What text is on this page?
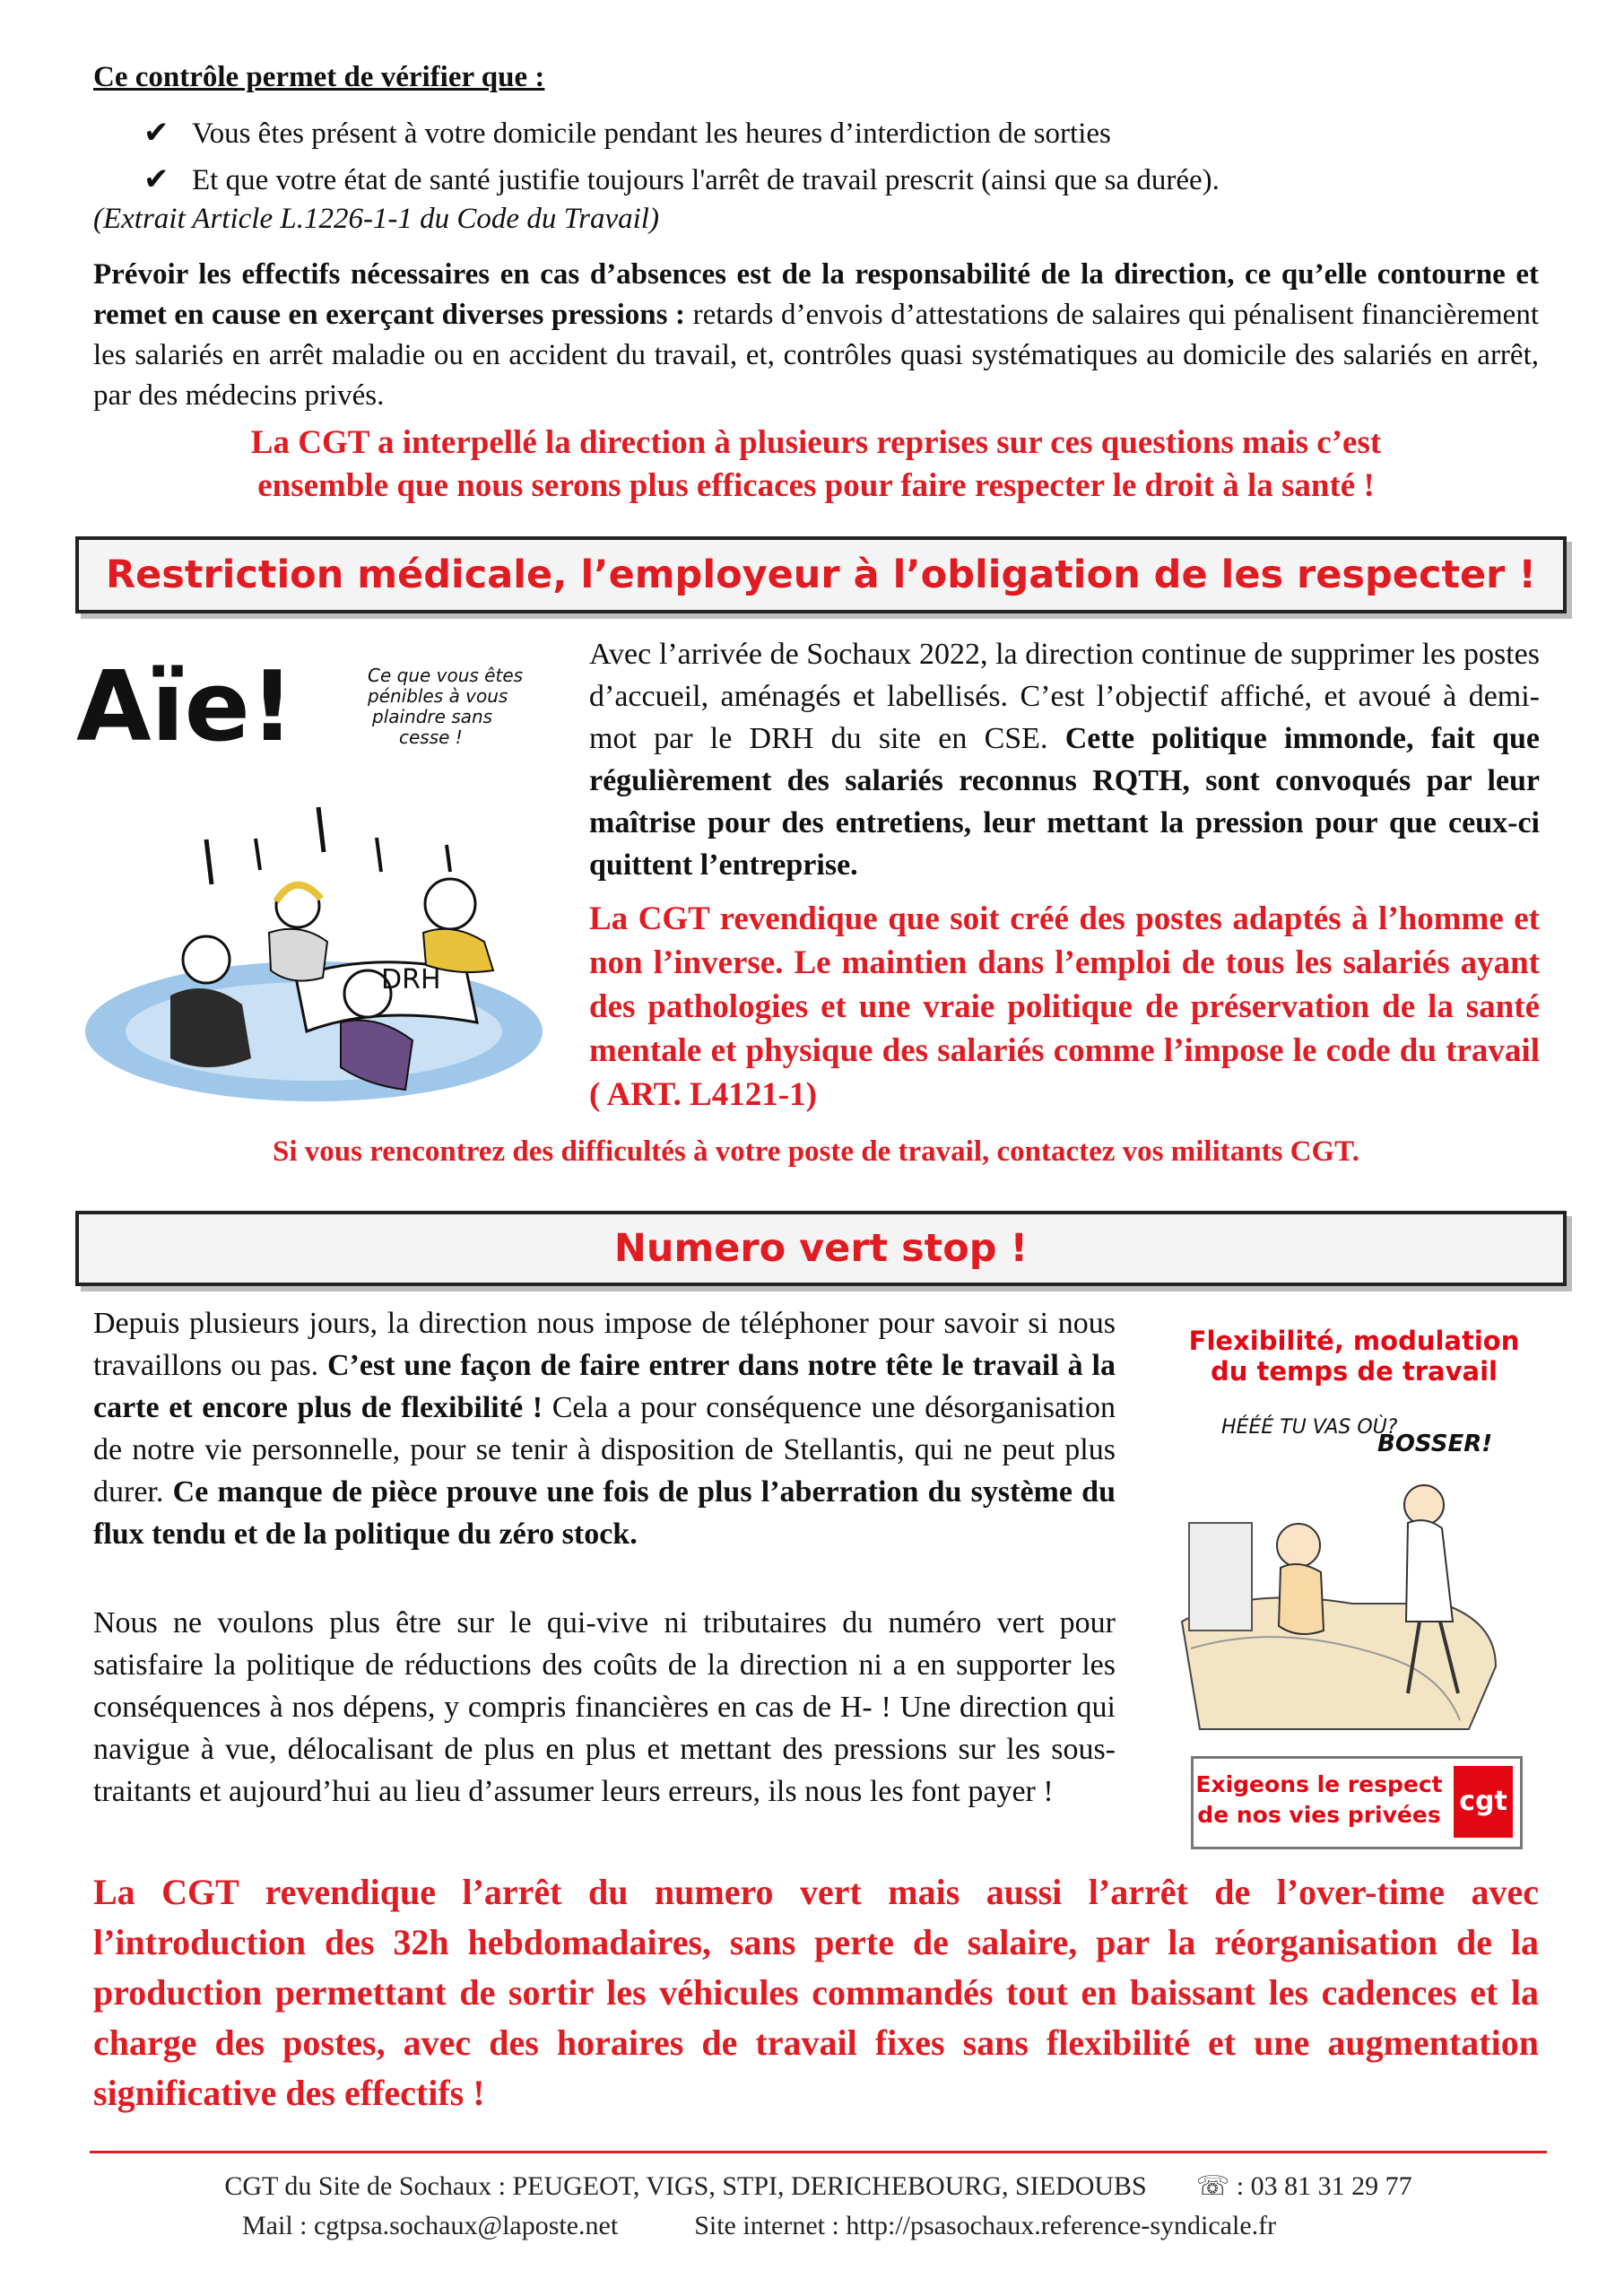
Ce contrôle permet de vérifier que :
✔ Vous êtes présent à votre domicile pendant les heures d’interdiction de sorties
✔ Et que votre état de santé justifie toujours l'arrêt de travail prescrit (ainsi que sa durée).
(Extrait Article L.1226-1-1 du Code du Travail)
Prévoir les effectifs nécessaires en cas d’absences est de la responsabilité de la direction, ce qu’elle contourne et remet en cause en exerçant diverses pressions : retards d’envois d’attestations de salaires qui pénalisent financièrement les salariés en arrêt maladie ou en accident du travail, et, contrôles quasi systématiques au domicile des salariés en arrêt, par des médecins privés.
La CGT a interpellé la direction à plusieurs reprises sur ces questions mais c’est
ensemble que nous serons plus efficaces pour faire respecter le droit à la santé !
Restriction médicale, l’employeur à l’obligation de les respecter !
Aïe!
DRH
Ce que vous êtes
pénibles à vous
plaindre sans
cesse !
Avec l’arrivée de Sochaux 2022, la direction continue de supprimer les postes d’accueil, aménagés et labellisés. C’est l’objectif affiché, et avoué à demi-mot par le DRH du site en CSE. Cette politique immonde, fait que régulièrement des salariés reconnus RQTH, sont convoqués par leur maîtrise pour des entretiens, leur mettant la pression pour que ceux-ci quittent l’entreprise.
La CGT revendique que soit créé des postes adaptés à l’homme et non l’inverse. Le maintien dans l’emploi de tous les salariés ayant des pathologies et une vraie politique de préservation de la santé mentale et physique des salariés comme l’impose le code du travail ( ART. L4121-1)
Si vous rencontrez des difficultés à votre poste de travail, contactez vos militants CGT.
Numero vert stop !
Depuis plusieurs jours, la direction nous impose de téléphoner pour savoir si nous travaillons ou pas. C’est une façon de faire entrer dans notre tête le travail à la carte et encore plus de flexibilité ! Cela a pour conséquence une désorganisation de notre vie personnelle, pour se tenir à disposition de Stellantis, qui ne peut plus durer. Ce manque de pièce prouve une fois de plus l’aberration du système du flux tendu et de la politique du zéro stock.
Nous ne voulons plus être sur le qui-vive ni tributaires du numéro vert pour satisfaire la politique de réductions des coûts de la direction ni a en supporter les conséquences à nos dépens, y compris financières en cas de H- ! Une direction qui navigue à vue, délocalisant de plus en plus et mettant des pressions sur les sous-traitants et aujourd’hui au lieu d’assumer leurs erreurs, ils nous les font payer !
Flexibilité, modulation
du temps de travail
HÉÉÉ TU VAS OÙ?
BOSSER!
Exigeons le respect
de nos vies privées cgt
La CGT revendique l’arrêt du numero vert mais aussi l’arrêt de l’over-time avec l’introduction des 32h hebdomadaires, sans perte de salaire, par la réorganisation de la production permettant de sortir les véhicules commandés tout en baissant les cadences et la charge des postes, avec des horaires de travail fixes sans flexibilité et une augmentation significative des effectifs !
CGT du Site de Sochaux : PEUGEOT, VIGS, STPI, DERICHEBOURG, SIEDOUBS ☏ : 03 81 31 29 77
Mail : cgtpsa.sochaux@laposte.net	Site internet : http://psasochaux.reference-syndicale.fr
